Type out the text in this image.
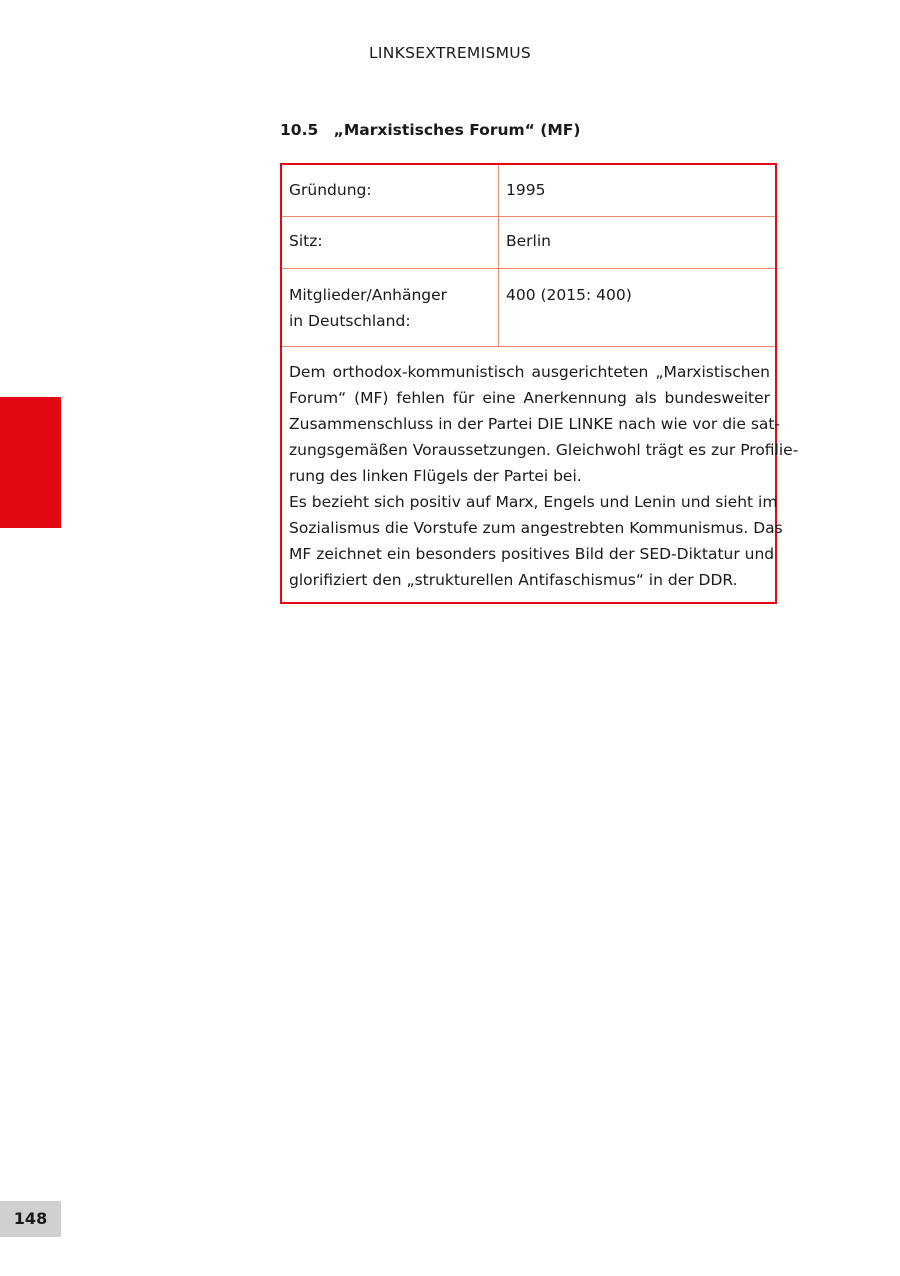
LINKSEXTREMISMUS
10.5 „Marxistisches Forum“ (MF)
Gründung:	1995
Sitz:	Berlin
Mitglieder/Anhänger
in Deutschland:
400 (2015: 400)
Dem orthodox-kommunistisch ausgerichteten „Marxistischen
Forum“ (MF) fehlen für eine Anerkennung als bundesweiter
Zusammenschluss in der Partei DIE LINKE nach wie vor die sat-
zungsgemäßen Voraussetzungen. Gleichwohl trägt es zur Profilie-
rung des linken Flügels der Partei bei.
Es bezieht sich positiv auf Marx, Engels und Lenin und sieht im
Sozialismus die Vorstufe zum angestrebten Kommunismus. Das
MF zeichnet ein besonders positives Bild der SED-Diktatur und
glorifiziert den „strukturellen Antifaschismus“ in der DDR.
148
